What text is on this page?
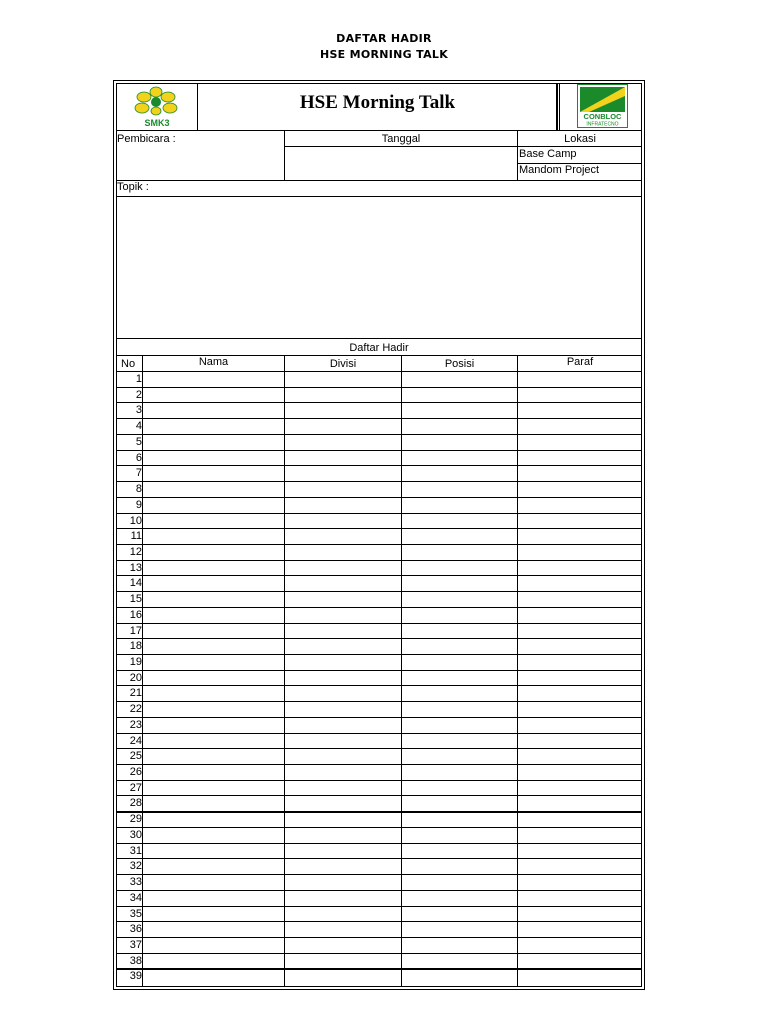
DAFTAR HADIR
HSE MORNING TALK
SMK3
HSE Morning Talk
CONBLOC
INFRATECNO
Pembicara :	Tanggal	Lokasi
Base Camp
Mandom Project
Topik :
Daftar Hadir
No	Nama	Divisi	Posisi	Paraf
1
2
3
4
5
6
7
8
9
10
11
12
13
14
15
16
17
18
19
20
21
22
23
24
25
26
27
28
29
30
31
32
33
34
35
36
37
38
39
